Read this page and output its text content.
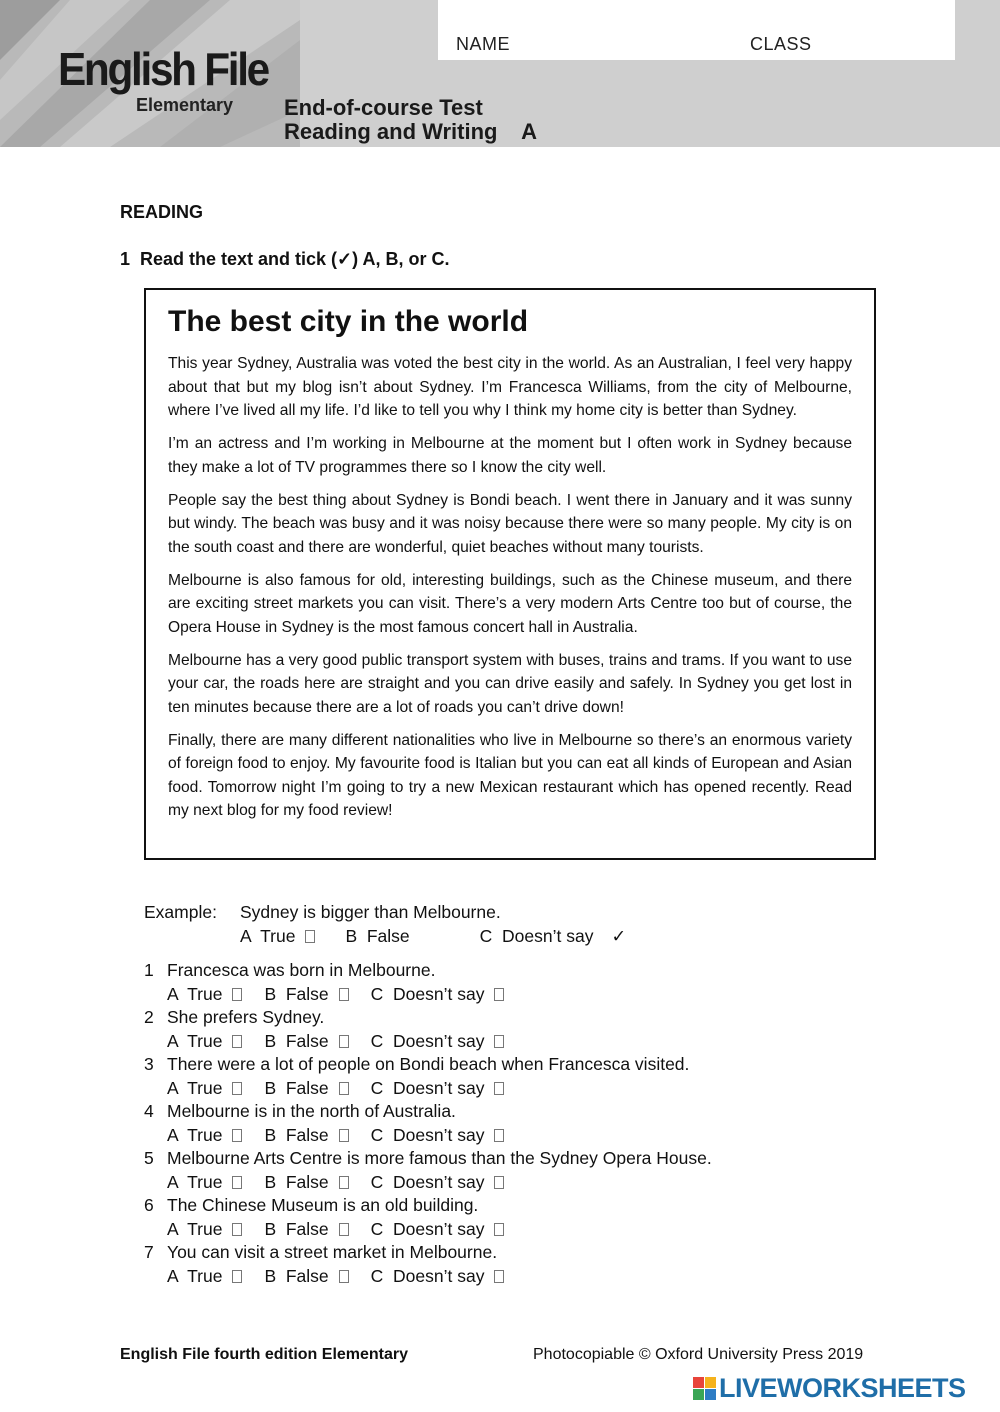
English File
Elementary
NAME	CLASS
End-of-course Test
Reading and Writing    A
READING
1  Read the text and tick (✓) A, B, or C.
The best city in the world

This year Sydney, Australia was voted the best city in the world. As an Australian, I feel very happy about that but my blog isn’t about Sydney. I’m Francesca Williams, from the city of Melbourne, where I’ve lived all my life. I’d like to tell you why I think my home city is better than Sydney.

I’m an actress and I’m working in Melbourne at the moment but I often work in Sydney because they make a lot of TV programmes there so I know the city well.

People say the best thing about Sydney is Bondi beach. I went there in January and it was sunny but windy. The beach was busy and it was noisy because there were so many people. My city is on the south coast and there are wonderful, quiet beaches without many tourists.

Melbourne is also famous for old, interesting buildings, such as the Chinese museum, and there are exciting street markets you can visit. There’s a very modern Arts Centre too but of course, the Opera House in Sydney is the most famous concert hall in Australia.

Melbourne has a very good public transport system with buses, trains and trams. If you want to use your car, the roads here are straight and you can drive easily and safely. In Sydney you get lost in ten minutes because there are a lot of roads you can’t drive down!

Finally, there are many different nationalities who live in Melbourne so there’s an enormous variety of foreign food to enjoy. My favourite food is Italian but you can eat all kinds of European and Asian food. Tomorrow night I’m going to try a new Mexican restaurant which has opened recently. Read my next blog for my food review!

Example: Sydney is bigger than Melbourne.
A  True	B  False	C  Doesn’t say ✓
1 Francesca was born in Melbourne.
A  True B  False C  Doesn’t say
2 She prefers Sydney.
A  True B  False C  Doesn’t say
3 There were a lot of people on Bondi beach when Francesca visited.
A  True B  False C  Doesn’t say
4 Melbourne is in the north of Australia.
A  True B  False C  Doesn’t say
5 Melbourne Arts Centre is more famous than the Sydney Opera House.
A  True B  False C  Doesn’t say
6 The Chinese Museum is an old building.
A  True B  False C  Doesn’t say
7 You can visit a street market in Melbourne.
A  True B  False C  Doesn’t say
English File fourth edition Elementary	Photocopiable © Oxford University Press 2019
LIVEWORKSHEETS
